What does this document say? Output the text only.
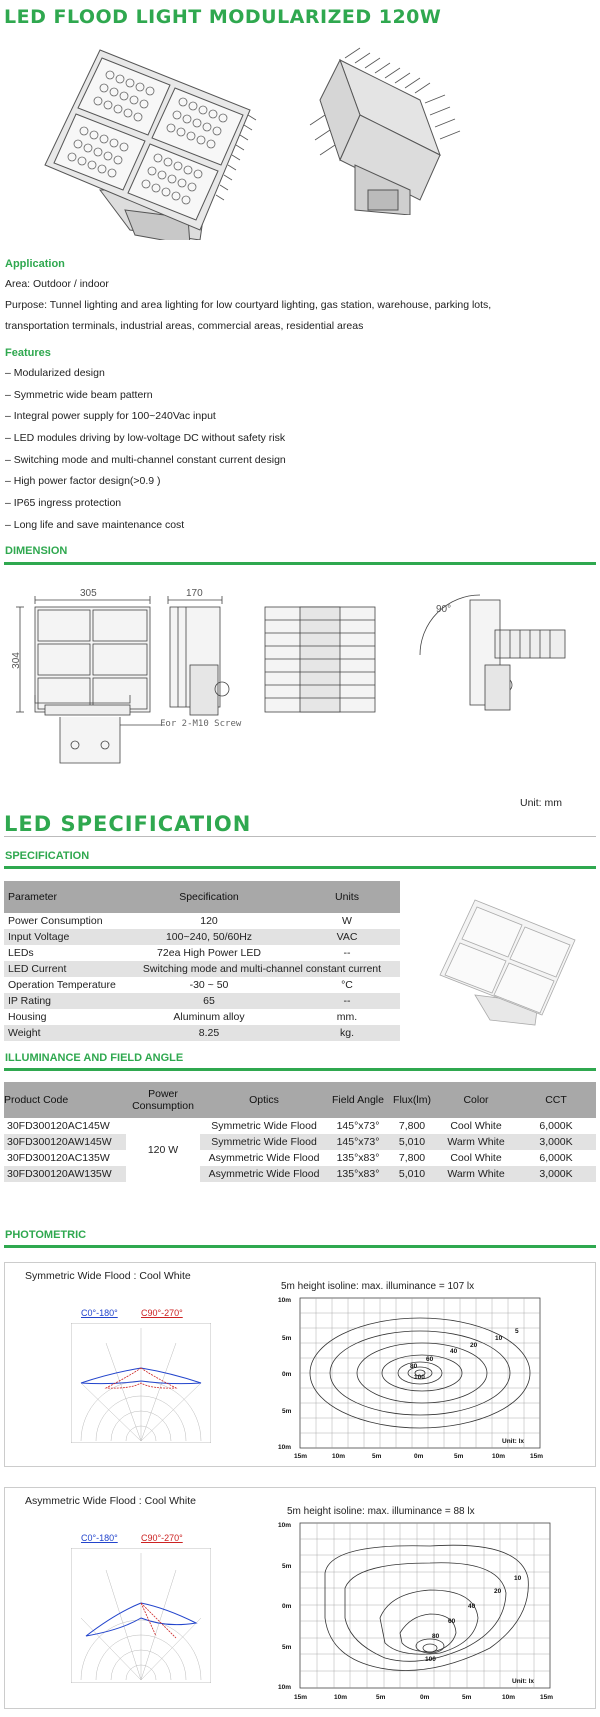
LED FLOOD LIGHT MODULARIZED 120W
Application
Area: Outdoor / indoor
Purpose: Tunnel lighting and area lighting for low courtyard lighting, gas station, warehouse, parking lots,
transportation terminals, industrial areas, commercial areas, residential areas
Features
– Modularized design
– Symmetric wide beam pattern
– Integral power supply for 100~240Vac input
– LED modules driving by low-voltage DC without safety risk
– Switching mode and multi-channel constant current design
– High power factor design(>0.9 )
– IP65 ingress protection
– Long life and save maintenance cost
DIMENSION
305	170
304
90°
For 2-M10 Screw
Unit: mm
LED SPECIFICATION
SPECIFICATION
Parameter	Specification	Units
Power Consumption	120	W
Input Voltage	100~240, 50/60Hz	VAC
LEDs	72ea High Power LED	--
LED Current	Switching mode and multi-channel constant current	
Operation Temperature	-30 ~ 50	°C
IP Rating	65	--
Housing	Aluminum alloy	mm.
Weight	8.25	kg.
ILLUMINANCE AND FIELD ANGLE
Product Code	Power Consumption	Optics	Field Angle	Flux(lm)	Color	CCT
30FD300120AC145W	120 W	Symmetric Wide Flood	145°x73°	7,800	Cool White	6,000K
30FD300120AW145W		Symmetric Wide Flood	145°x73°	5,010	Warm White	3,000K
30FD300120AC135W		Asymmetric Wide Flood	135°x83°	7,800	Cool White	6,000K
30FD300120AW135W		Asymmetric Wide Flood	135°x83°	5,010	Warm White	3,000K
PHOTOMETRIC
Symmetric Wide Flood : Cool White
C0°-180°	C90°-270°
5m height isoline: max. illuminance = 107 lx
100
80
60
40
20
10
5
10m
5m
0m
5m
10m
15m	10m	5m	0m	5m	10m	15m
Unit: lx
Asymmetric Wide Flood : Cool White
C0°-180°	C90°-270°
5m height isoline: max. illuminance = 88 lx
100
80
60
40
20
10
10m
5m
0m
5m
10m
15m	10m	5m	0m	5m	10m	15m
Unit: lx
